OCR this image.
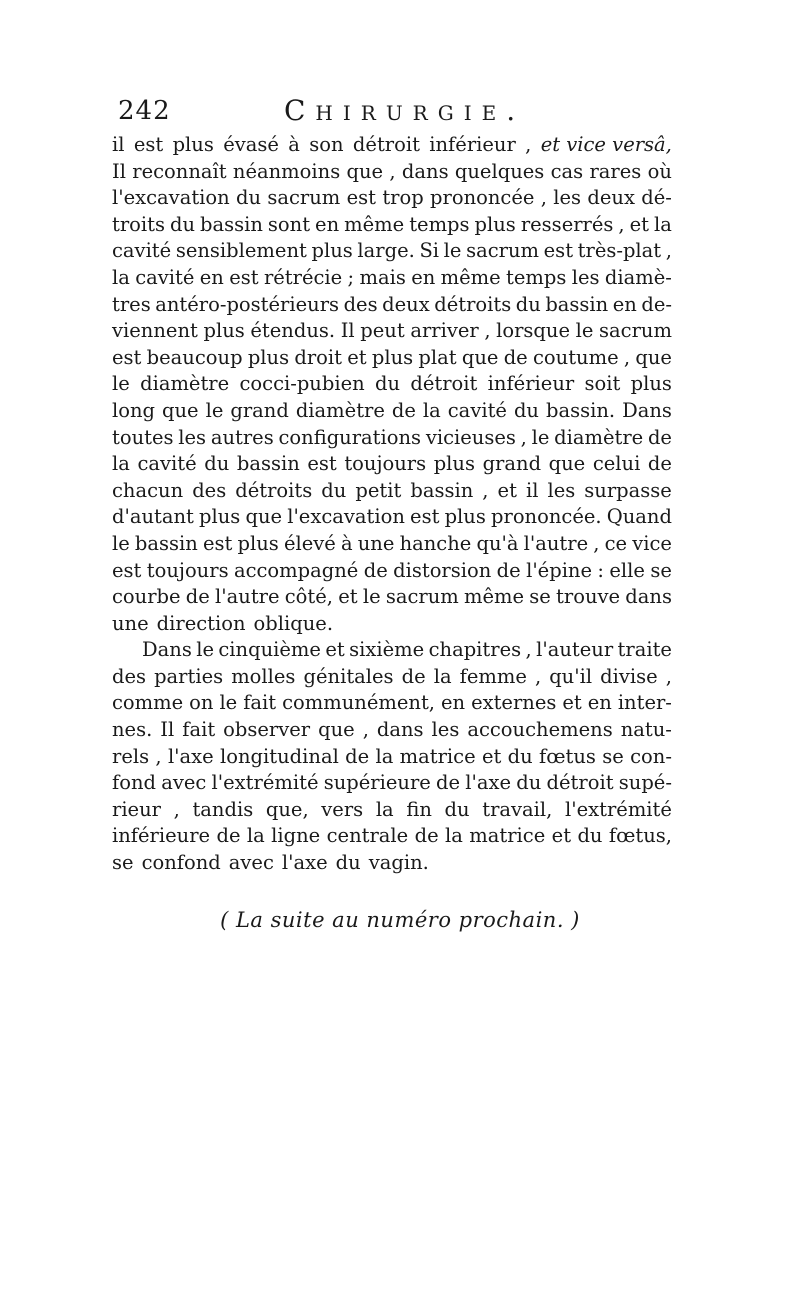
242	Chirurgie.
il est plus évasé à son détroit inférieur , et vice versâ,
Il reconnaît néanmoins que , dans quelques cas rares où
l'excavation du sacrum est trop prononcée , les deux dé-
troits du bassin sont en même temps plus resserrés , et la
cavité sensiblement plus large. Si le sacrum est très-plat ,
la cavité en est rétrécie ; mais en même temps les diamè-
tres antéro-postérieurs des deux détroits du bassin en de-
viennent plus étendus. Il peut arriver , lorsque le sacrum
est beaucoup plus droit et plus plat que de coutume , que
le diamètre cocci-pubien du détroit inférieur soit plus
long que le grand diamètre de la cavité du bassin. Dans
toutes les autres configurations vicieuses , le diamètre de
la cavité du bassin est toujours plus grand que celui de
chacun des détroits du petit bassin , et il les surpasse
d'autant plus que l'excavation est plus prononcée. Quand
le bassin est plus élevé à une hanche qu'à l'autre , ce vice
est toujours accompagné de distorsion de l'épine : elle se
courbe de l'autre côté, et le sacrum même se trouve dans
une direction oblique.
Dans le cinquième et sixième chapitres , l'auteur traite
des parties molles génitales de la femme , qu'il divise ,
comme on le fait communément, en externes et en inter-
nes. Il fait observer que , dans les accouchemens natu-
rels , l'axe longitudinal de la matrice et du fœtus se con-
fond avec l'extrémité supérieure de l'axe du détroit supé-
rieur , tandis que, vers la fin du travail, l'extrémité
inférieure de la ligne centrale de la matrice et du fœtus,
se confond avec l'axe du vagin.
( La suite au numéro prochain. )
